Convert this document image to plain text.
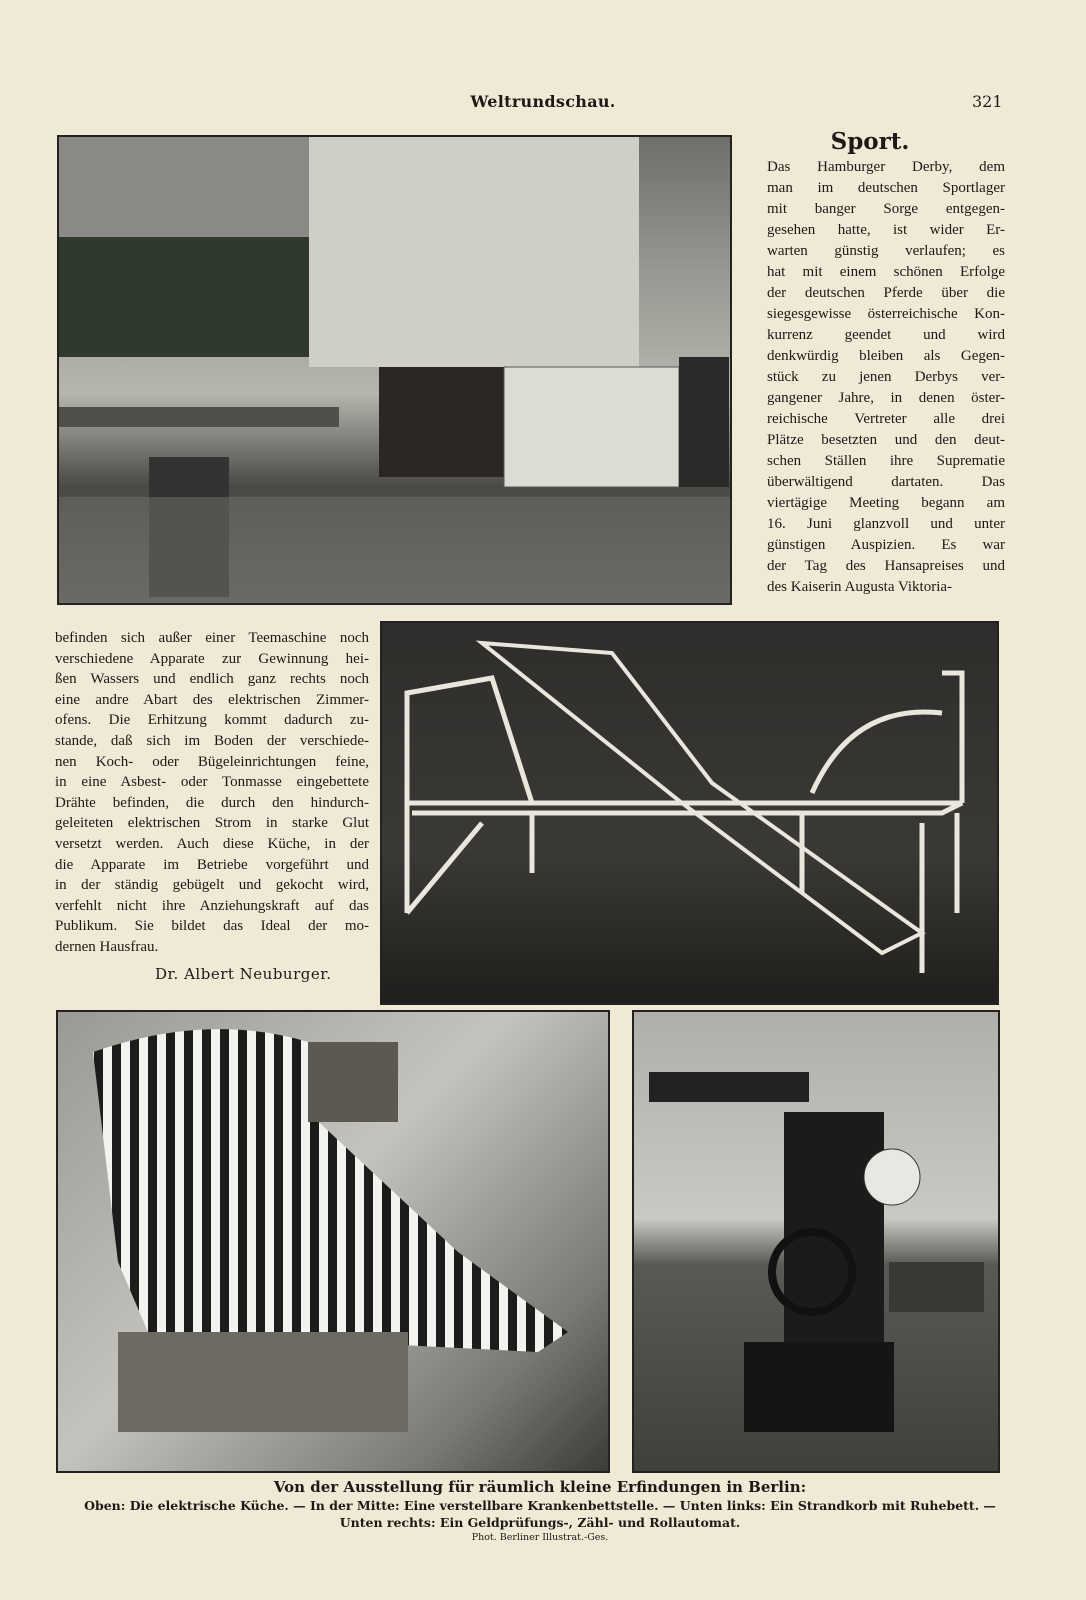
Weltrundschau.	321
Sport.
Das Hamburger Derby, dem
man im deutschen Sportlager
mit banger Sorge entgegen-
gesehen hatte, ist wider Er-
warten günstig verlaufen; es
hat mit einem schönen Erfolge
der deutschen Pferde über die
siegesgewisse österreichische Kon-
kurrenz geendet und wird
denkwürdig bleiben als Gegen-
stück zu jenen Derbys ver-
gangener Jahre, in denen öster-
reichische Vertreter alle drei
Plätze besetzten und den deut-
schen Ställen ihre Suprematie
überwältigend dartaten. Das
viertägige Meeting begann am
16. Juni glanzvoll und unter
günstigen Auspizien. Es war
der Tag des Hansapreises und
des Kaiserin Augusta Viktoria-
befinden sich außer einer Teemaschine noch
verschiedene Apparate zur Gewinnung hei-
ßen Wassers und endlich ganz rechts noch
eine andre Abart des elektrischen Zimmer-
ofens. Die Erhitzung kommt dadurch zu-
stande, daß sich im Boden der verschiede-
nen Koch- oder Bügeleinrichtungen feine,
in eine Asbest- oder Tonmasse eingebettete
Drähte befinden, die durch den hindurch-
geleiteten elektrischen Strom in starke Glut
versetzt werden. Auch diese Küche, in der
die Apparate im Betriebe vorgeführt und
in der ständig gebügelt und gekocht wird,
verfehlt nicht ihre Anziehungskraft auf das
Publikum. Sie bildet das Ideal der mo-
dernen Hausfrau.
Dr. Albert Neuburger.
Von der Ausstellung für räumlich kleine Erfindungen in Berlin:
Oben: Die elektrische Küche. — In der Mitte: Eine verstellbare Krankenbettstelle. — Unten links: Ein Strandkorb mit Ruhebett. —
Unten rechts: Ein Geldprüfungs-, Zähl- und Rollautomat.
Phot. Berliner Illustrat.-Ges.
